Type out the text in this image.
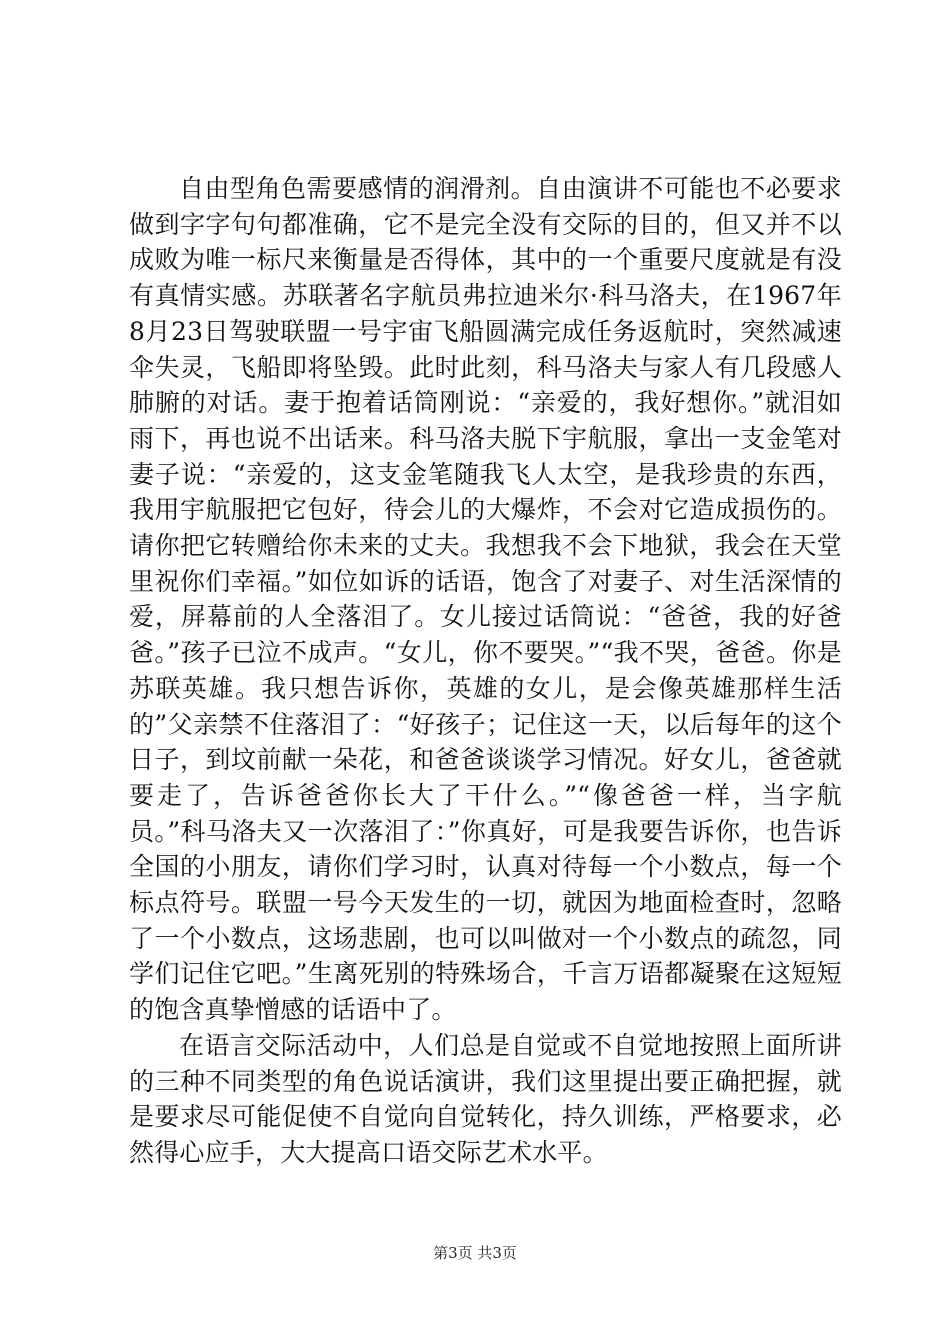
自由型角色需要感情的润滑剂。自由演讲不可能也不必要求做到字字句句都准确，它不是完全没有交际的目的，但又并不以成败为唯一标尺来衡量是否得体，其中的一个重要尺度就是有没有真情实感。苏联著名字航员弗拉迪米尔·科马洛夫，在1967年8月23日驾驶联盟一号宇宙飞船圆满完成任务返航时，突然减速伞失灵，飞船即将坠毁。此时此刻，科马洛夫与家人有几段感人肺腑的对话。妻于抱着话筒刚说：“亲爱的，我好想你。”就泪如雨下，再也说不出话来。科马洛夫脱下宇航服，拿出一支金笔对妻子说：“亲爱的，这支金笔随我飞人太空，是我珍贵的东西，我用宇航服把它包好，待会儿的大爆炸，不会对它造成损伤的。请你把它转赠给你未来的丈夫。我想我不会下地狱，我会在天堂里祝你们幸福。”如位如诉的话语，饱含了对妻子、对生活深情的爱，屏幕前的人全落泪了。女儿接过话筒说：“爸爸，我的好爸爸。”孩子已泣不成声。“女儿，你不要哭。”“我不哭，爸爸。你是苏联英雄。我只想告诉你，英雄的女儿，是会像英雄那样生活的”父亲禁不住落泪了：“好孩子；记住这一天，以后每年的这个日子，到坟前献一朵花，和爸爸谈谈学习情况。好女儿，爸爸就要走了，告诉爸爸你长大了干什么。”“像爸爸一样，当字航员。”科马洛夫又一次落泪了：”你真好，可是我要告诉你，也告诉全国的小朋友，请你们学习时，认真对待每一个小数点，每一个标点符号。联盟一号今天发生的一切，就因为地面检查时，忽略了一个小数点，这场悲剧，也可以叫做对一个小数点的疏忽，同学们记住它吧。”生离死别的特殊场合，千言万语都凝聚在这短短的饱含真挚憎感的话语中了。

在语言交际活动中，人们总是自觉或不自觉地按照上面所讲的三种不同类型的角色说话演讲，我们这里提出要正确把握，就是要求尽可能促使不自觉向自觉转化，持久训练，严格要求，必然得心应手，大大提高口语交际艺术水平。

第3页 共3页
